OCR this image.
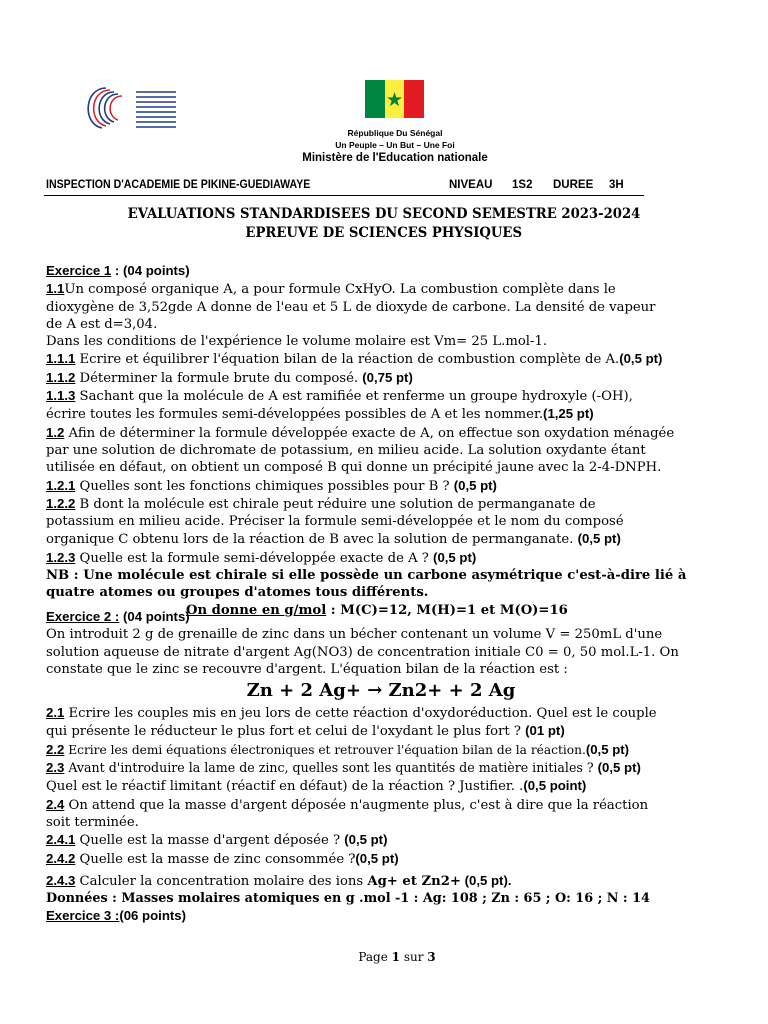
République Du Sénégal
Un Peuple – Un But – Une Foi
Ministère de l'Education nationale
INSPECTION D'ACADEMIE DE PIKINE-GUEDIAWAYE	NIVEAU 1S2 DUREE 3H
EVALUATIONS STANDARDISEES DU SECOND SEMESTRE 2023-2024
EPREUVE DE SCIENCES PHYSIQUES
Exercice 1 : (04 points)
1.1Un composé organique A, a pour formule CxHyO. La combustion complète dans le
dioxygène de 3,52gde A donne de l'eau et 5 L de dioxyde de carbone. La densité de vapeur
de A est d=3,04.
Dans les conditions de l'expérience le volume molaire est Vm= 25 L.mol-1.
1.1.1 Ecrire et équilibrer l'équation bilan de la réaction de combustion complète de A.(0,5 pt)
1.1.2 Déterminer la formule brute du composé. (0,75 pt)
1.1.3 Sachant que la molécule de A est ramifiée et renferme un groupe hydroxyle (-OH),
écrire toutes les formules semi-développées possibles de A et les nommer.(1,25 pt)
1.2 Afin de déterminer la formule développée exacte de A, on effectue son oxydation ménagée
par une solution de dichromate de potassium, en milieu acide. La solution oxydante étant
utilisée en défaut, on obtient un composé B qui donne un précipité jaune avec la 2-4-DNPH.
1.2.1 Quelles sont les fonctions chimiques possibles pour B ? (0,5 pt)
1.2.2 B dont la molécule est chirale peut réduire une solution de permanganate de
potassium en milieu acide. Préciser la formule semi-développée et le nom du composé
organique C obtenu lors de la réaction de B avec la solution de permanganate. (0,5 pt)
1.2.3 Quelle est la formule semi-développée exacte de A ? (0,5 pt)
NB : Une molécule est chirale si elle possède un carbone asymétrique c'est-à-dire lié à
quatre atomes ou groupes d'atomes tous différents.
On donne en g/mol : M(C)=12, M(H)=1 et M(O)=16
Exercice 2 : (04 points)
On introduit 2 g de grenaille de zinc dans un bécher contenant un volume V = 250mL d'une
solution aqueuse de nitrate d'argent Ag(NO3) de concentration initiale C0 = 0, 50 mol.L-1. On
constate que le zinc se recouvre d'argent. L'équation bilan de la réaction est :
Zn + 2 Ag+ → Zn2+ + 2 Ag
2.1 Ecrire les couples mis en jeu lors de cette réaction d'oxydoréduction. Quel est le couple
qui présente le réducteur le plus fort et celui de l'oxydant le plus fort ? (01 pt)
2.2 Ecrire les demi équations électroniques et retrouver l'équation bilan de la réaction.(0,5 pt)
2.3 Avant d'introduire la lame de zinc, quelles sont les quantités de matière initiales ? (0,5 pt)
Quel est le réactif limitant (réactif en défaut) de la réaction ? Justifier. .(0,5 point)
2.4 On attend que la masse d'argent déposée n'augmente plus, c'est à dire que la réaction
soit terminée.
2.4.1 Quelle est la masse d'argent déposée ? (0,5 pt)
2.4.2 Quelle est la masse de zinc consommée ?(0,5 pt)
2.4.3 Calculer la concentration molaire des ions Ag+ et Zn2+ (0,5 pt).
Données : Masses molaires atomiques en g .mol -1 : Ag: 108 ; Zn : 65 ; O: 16 ; N : 14
Exercice 3 :(06 points)
Page 1 sur 3
